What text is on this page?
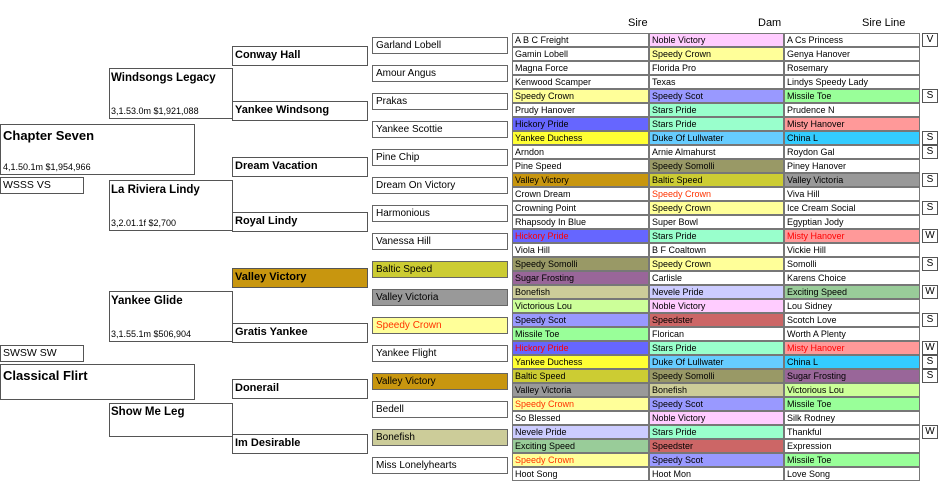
Sire	Dam	Sire Line
Chapter Seven
4,1.50.1m $1,954,966
WSSS VS
SWSW SW
Classical Flirt
Windsongs Legacy
3,1.53.0m $1,921,088
La Riviera Lindy
3,2.01.1f $2,700
Yankee Glide
3,1.55.1m $506,904
Show Me Leg
Conway Hall
Yankee Windsong
Dream Vacation
Royal Lindy
Valley Victory
Gratis Yankee
Donerail
Im Desirable
Garland Lobell
Amour Angus
Prakas
Yankee Scottie
Pine Chip
Dream On Victory
Harmonious
Vanessa Hill
Baltic Speed
Valley Victoria
Speedy Crown
Yankee Flight
Valley Victory
Bedell
Bonefish
Miss Lonelyhearts
A B C Freight	Noble Victory	A Cs Princess	V
Gamin Lobell	Speedy Crown	Genya Hanover
Magna Force	Florida Pro	Rosemary
Kenwood Scamper	Texas	Lindys Speedy Lady
Speedy Crown	Speedy Scot	Missile Toe	S
Prudy Hanover	Stars Pride	Prudence N
Hickory Pride	Stars Pride	Misty Hanover
Yankee Duchess	Duke Of Lullwater	China L	S
Arndon	Arnie Almahurst	Roydon Gal	S
Pine Speed	Speedy Somolli	Piney Hanover
Valley Victory	Baltic Speed	Valley Victoria	S
Crown Dream	Speedy Crown	Viva Hill
Crowning Point	Speedy Crown	Ice Cream Social	S
Rhapsody In Blue	Super Bowl	Egyptian Jody
Hickory Pride	Stars Pride	Misty Hanover	W
Viola Hill	B F Coaltown	Vickie Hill
Speedy Somolli	Speedy Crown	Somolli	S
Sugar Frosting	Carlisle	Karens Choice
Bonefish	Nevele Pride	Exciting Speed	W
Victorious Lou	Noble Victory	Lou Sidney
Speedy Scot	Speedster	Scotch Love	S
Missile Toe	Florican	Worth A Plenty
Hickory Pride	Stars Pride	Misty Hanover	W
Yankee Duchess	Duke Of Lullwater	China L	S
Baltic Speed	Speedy Somolli	Sugar Frosting	S
Valley Victoria	Bonefish	Victorious Lou
Speedy Crown	Speedy Scot	Missile Toe
So Blessed	Noble Victory	Silk Rodney
Nevele Pride	Stars Pride	Thankful	W
Exciting Speed	Speedster	Expression
Speedy Crown	Speedy Scot	Missile Toe
Hoot Song	Hoot Mon	Love Song
